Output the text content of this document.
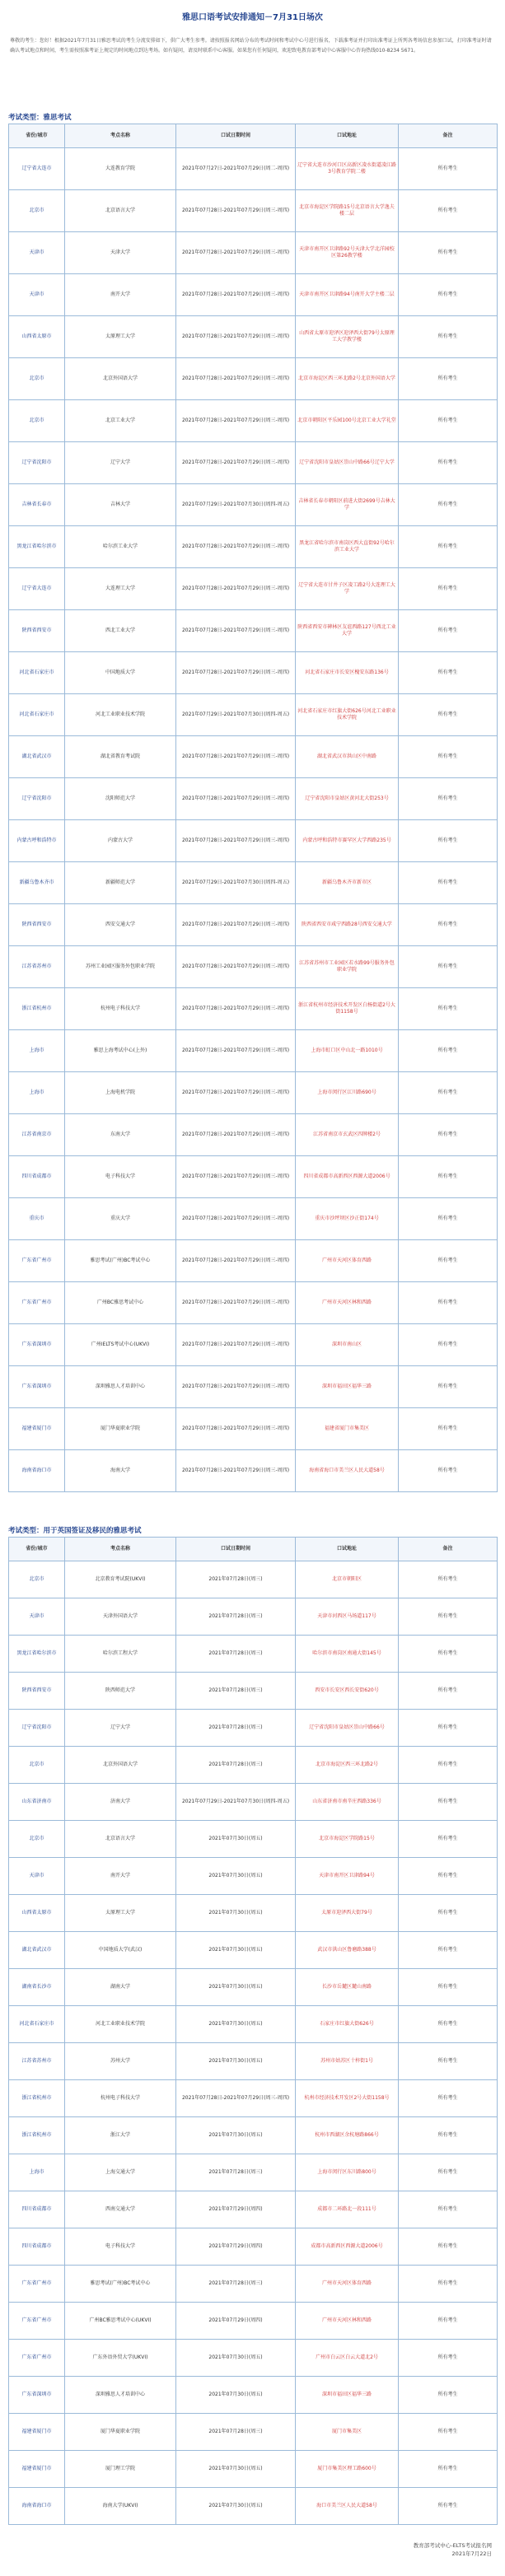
雅思口语考试安排通知－7月31日场次
尊敬的考生：您好！根据2021年7月31日雅思考试的考生分流安排如下，供广大考生参考。请按照报名网站分布的考试时间和考试中心号进行报名，下载准考证并打印出准考证上所列各考场信息参加口试，打印准考证时请确认考试地点和时间，考生需按照准考证上规定的时间地点到达考场。如有疑问，请及时联系中心客服。如果您有任何疑问，欢迎致电教育部考试中心客服中心咨询热线010-8234 5671。
考试类型：雅思考试
省份/城市	考点名称	口试日期时间	口试地址	备注
辽宁省大连市	大连教育学院	2021年07月27日-2021年07月29日(周二-周四)	辽宁省大连市沙河口区高新区凌水街道凌江路3号教育学院二楼	所有考生
北京市	北京语言大学	2021年07月28日-2021年07月29日(周三-周四)	北京市海淀区学院路15号北京语言大学逸夫楼二层	所有考生
天津市	天津大学	2021年07月28日-2021年07月29日(周三-周四)	天津市南开区卫津路92号天津大学北洋园校区第26教学楼	所有考生
天津市	南开大学	2021年07月28日-2021年07月29日(周三-周四)	天津市南开区卫津路94号南开大学主楼二层	所有考生
山西省太原市	太原理工大学	2021年07月28日-2021年07月29日(周三-周四)	山西省太原市迎泽区迎泽西大街79号太原理工大学教学楼	所有考生
北京市	北京外国语大学	2021年07月28日-2021年07月29日(周三-周四)	北京市海淀区西三环北路2号北京外国语大学	所有考生
北京市	北京工业大学	2021年07月28日-2021年07月29日(周三-周四)	北京市朝阳区平乐园100号北京工业大学礼堂	所有考生
辽宁省沈阳市	辽宁大学	2021年07月28日-2021年07月29日(周三-周四)	辽宁省沈阳市皇姑区崇山中路66号辽宁大学	所有考生
吉林省长春市	吉林大学	2021年07月29日-2021年07月30日(周四-周五)	吉林省长春市朝阳区前进大街2699号吉林大学	所有考生
黑龙江省哈尔滨市	哈尔滨工业大学	2021年07月28日-2021年07月29日(周三-周四)	黑龙江省哈尔滨市南岗区西大直街92号哈尔滨工业大学	所有考生
辽宁省大连市	大连理工大学	2021年07月28日-2021年07月29日(周三-周四)	辽宁省大连市甘井子区凌工路2号大连理工大学	所有考生
陕西省西安市	西北工业大学	2021年07月28日-2021年07月29日(周三-周四)	陕西省西安市碑林区友谊西路127号西北工业大学	所有考生
河北省石家庄市	中国地质大学	2021年07月28日-2021年07月29日(周三-周四)	河北省石家庄市长安区槐安东路136号	所有考生
河北省石家庄市	河北工业职业技术学院	2021年07月29日-2021年07月30日(周四-周五)	河北省石家庄市红旗大街626号河北工业职业技术学院	所有考生
湖北省武汉市	湖北省教育考试院	2021年07月28日-2021年07月29日(周三-周四)	湖北省武汉市洪山区中南路	所有考生
辽宁省沈阳市	沈阳师范大学	2021年07月28日-2021年07月29日(周三-周四)	辽宁省沈阳市皇姑区黄河北大街253号	所有考生
内蒙古呼和浩特市	内蒙古大学	2021年07月28日-2021年07月29日(周三-周四)	内蒙古呼和浩特市赛罕区大学西路235号	所有考生
新疆乌鲁木齐市	新疆师范大学	2021年07月29日-2021年07月30日(周四-周五)	新疆乌鲁木齐市新市区	所有考生
陕西省西安市	西安交通大学	2021年07月28日-2021年07月29日(周三-周四)	陕西省西安市咸宁西路28号西安交通大学	所有考生
江苏省苏州市	苏州工业园区服务外包职业学院	2021年07月28日-2021年07月29日(周三-周四)	江苏省苏州市工业园区若水路99号服务外包职业学院	所有考生
浙江省杭州市	杭州电子科技大学	2021年07月28日-2021年07月29日(周三-周四)	浙江省杭州市经济技术开发区白杨街道2号大街1158号	所有考生
上海市	雅思上海考试中心(上外)	2021年07月28日-2021年07月29日(周三-周四)	上海市虹口区中山北一路1010号	所有考生
上海市	上海电机学院	2021年07月28日-2021年07月29日(周三-周四)	上海市闵行区江川路690号	所有考生
江苏省南京市	东南大学	2021年07月28日-2021年07月29日(周三-周四)	江苏省南京市玄武区四牌楼2号	所有考生
四川省成都市	电子科技大学	2021年07月28日-2021年07月29日(周三-周四)	四川省成都市高新西区西源大道2006号	所有考生
重庆市	重庆大学	2021年07月28日-2021年07月29日(周三-周四)	重庆市沙坪坝区沙正街174号	所有考生
广东省广州市	雅思考试(广州)BC考试中心	2021年07月28日-2021年07月29日(周三-周四)	广州市天河区体育西路	所有考生
广东省广州市	广州BC雅思考试中心	2021年07月28日-2021年07月29日(周三-周四)	广州市天河区林和西路	所有考生
广东省深圳市	广州IELTS考试中心(UKVI)	2021年07月28日-2021年07月29日(周三-周四)	深圳市南山区	所有考生
广东省深圳市	深圳雅思人才培训中心	2021年07月28日-2021年07月29日(周三-周四)	深圳市福田区福华三路	所有考生
福建省厦门市	厦门华夏职业学院	2021年07月28日-2021年07月29日(周三-周四)	福建省厦门市集美区	所有考生
海南省海口市	海南大学	2021年07月28日-2021年07月29日(周三-周四)	海南省海口市美兰区人民大道58号	所有考生
考试类型：用于英国签证及移民的雅思考试
省份/城市	考点名称	口试日期时间	口试地址	备注
北京市	北京教育考试院(UKVI)	2021年07月28日(周三)	北京市朝阳区	所有考生
天津市	天津外国语大学	2021年07月28日(周三)	天津市河西区马场道117号	所有考生
黑龙江省哈尔滨市	哈尔滨工程大学	2021年07月28日(周三)	哈尔滨市南岗区南通大街145号	所有考生
陕西省西安市	陕西师范大学	2021年07月28日(周三)	西安市长安区西长安街620号	所有考生
辽宁省沈阳市	辽宁大学	2021年07月28日(周三)	辽宁省沈阳市皇姑区崇山中路66号	所有考生
北京市	北京外国语大学	2021年07月28日(周三)	北京市海淀区西三环北路2号	所有考生
山东省济南市	济南大学	2021年07月29日-2021年07月30日(周四-周五)	山东省济南市南辛庄西路336号	所有考生
北京市	北京语言大学	2021年07月30日(周五)	北京市海淀区学院路15号	所有考生
天津市	南开大学	2021年07月30日(周五)	天津市南开区卫津路94号	所有考生
山西省太原市	太原理工大学	2021年07月30日(周五)	太原市迎泽西大街79号	所有考生
湖北省武汉市	中国地质大学(武汉)	2021年07月30日(周五)	武汉市洪山区鲁磨路388号	所有考生
湖南省长沙市	湖南大学	2021年07月30日(周五)	长沙市岳麓区麓山南路	所有考生
河北省石家庄市	河北工业职业技术学院	2021年07月30日(周五)	石家庄市红旗大街626号	所有考生
江苏省苏州市	苏州大学	2021年07月30日(周五)	苏州市姑苏区十梓街1号	所有考生
浙江省杭州市	杭州电子科技大学	2021年07月28日-2021年07月29日(周三-周四)	杭州市经济技术开发区2号大街1158号	所有考生
浙江省杭州市	浙江大学	2021年07月30日(周五)	杭州市西湖区余杭塘路866号	所有考生
上海市	上海交通大学	2021年07月28日(周三)	上海市闵行区东川路800号	所有考生
四川省成都市	西南交通大学	2021年07月29日(周四)	成都市二环路北一段111号	所有考生
四川省成都市	电子科技大学	2021年07月29日(周四)	成都市高新西区西源大道2006号	所有考生
广东省广州市	雅思考试(广州)BC考试中心	2021年07月28日(周三)	广州市天河区体育西路	所有考生
广东省广州市	广州BC雅思考试中心(UKVI)	2021年07月29日(周四)	广州市天河区林和西路	所有考生
广东省广州市	广东外语外贸大学(UKVI)	2021年07月30日(周五)	广州市白云区白云大道北2号	所有考生
广东省深圳市	深圳雅思人才培训中心	2021年07月30日(周五)	深圳市福田区福华三路	所有考生
福建省厦门市	厦门华夏职业学院	2021年07月28日(周三)	厦门市集美区	所有考生
福建省厦门市	厦门理工学院	2021年07月30日(周五)	厦门市集美区理工路600号	所有考生
海南省海口市	海南大学(UKVI)	2021年07月30日(周五)	海口市美兰区人民大道58号	所有考生
教育部考试中心-ELTS考试报名网
2021年7月22日
